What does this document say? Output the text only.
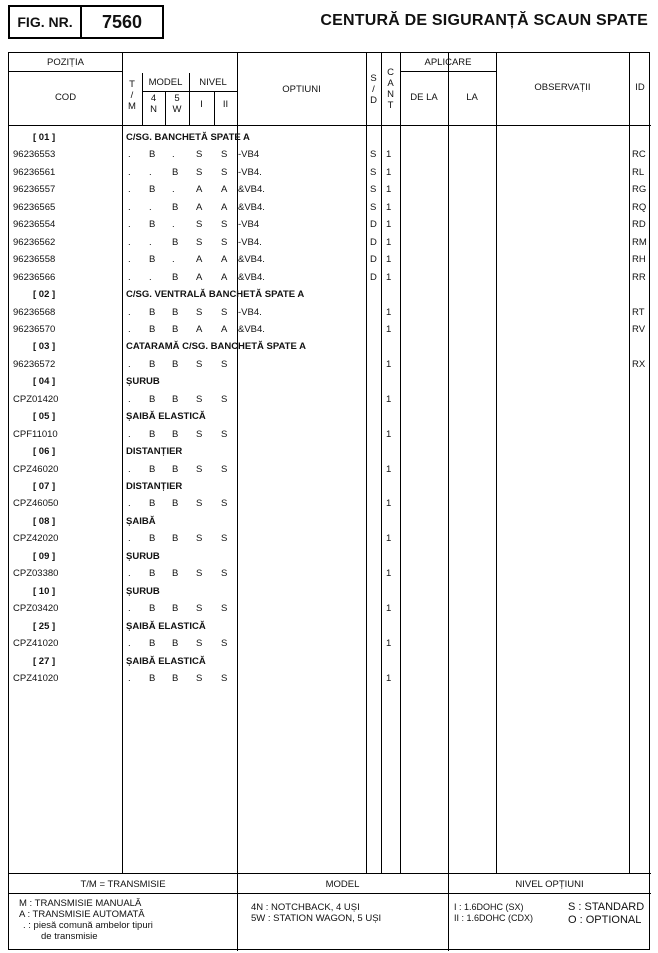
FIG. NR.	7560	CENTURĂ DE SIGURANȚĂ SCAUN SPATE
POZIȚIA
COD
T
/
M
MODEL
4
N
5
W
NIVEL
I	II
OPTIUNI
S
/
D
C
A
N
T
APLICARE
DE LA	LA
OBSERVAȚII	ID
[ 01 ]	C/SG. BANCHETĂ SPATE A
96236553	. B . S S -VB4	S 1	RC
96236561	. . B S S -VB4.	S 1	RL
96236557	. B . A A &VB4.	S 1	RG
96236565	. . B A A &VB4.	S 1	RQ
96236554	. B . S S -VB4	D 1	RD
96236562	. . B S S -VB4.	D 1	RM
96236558	. B . A A &VB4.	D 1	RH
96236566	. . B A A &VB4.	D 1	RR
[ 02 ]	C/SG. VENTRALĂ BANCHETĂ SPATE A
96236568	. B B S S -VB4.	1	RT
96236570	. B B A A &VB4.	1	RV
[ 03 ]	CATARAMĂ C/SG. BANCHETĂ SPATE A
96236572	. B B S S	1	RX
[ 04 ]	ȘURUB
CPZ01420	. B B S S	1
[ 05 ]	ȘAIBĂ ELASTICĂ
CPF11010	. B B S S	1
[ 06 ]	DISTANȚIER
CPZ46020	. B B S S	1
[ 07 ]	DISTANȚIER
CPZ46050	. B B S S	1
[ 08 ]	ȘAIBĂ
CPZ42020	. B B S S	1
[ 09 ]	ȘURUB
CPZ03380	. B B S S	1
[ 10 ]	ȘURUB
CPZ03420	. B B S S	1
[ 25 ]	ȘAIBĂ ELASTICĂ
CPZ41020	. B B S S	1
[ 27 ]	ȘAIBĂ ELASTICĂ
CPZ41020	. B B S S	1
T/M = TRANSMISIE	MODEL	NIVEL OPȚIUNI
M : TRANSMISIE MANUALĂ
A : TRANSMISIE AUTOMATĂ
. : piesă comună ambelor tipuri
de transmisie
4N : NOTCHBACK, 4 UȘI
5W : STATION WAGON, 5 UȘI
I : 1.6DOHC (SX)
II : 1.6DOHC (CDX)
S : STANDARD
O : OPTIONAL
